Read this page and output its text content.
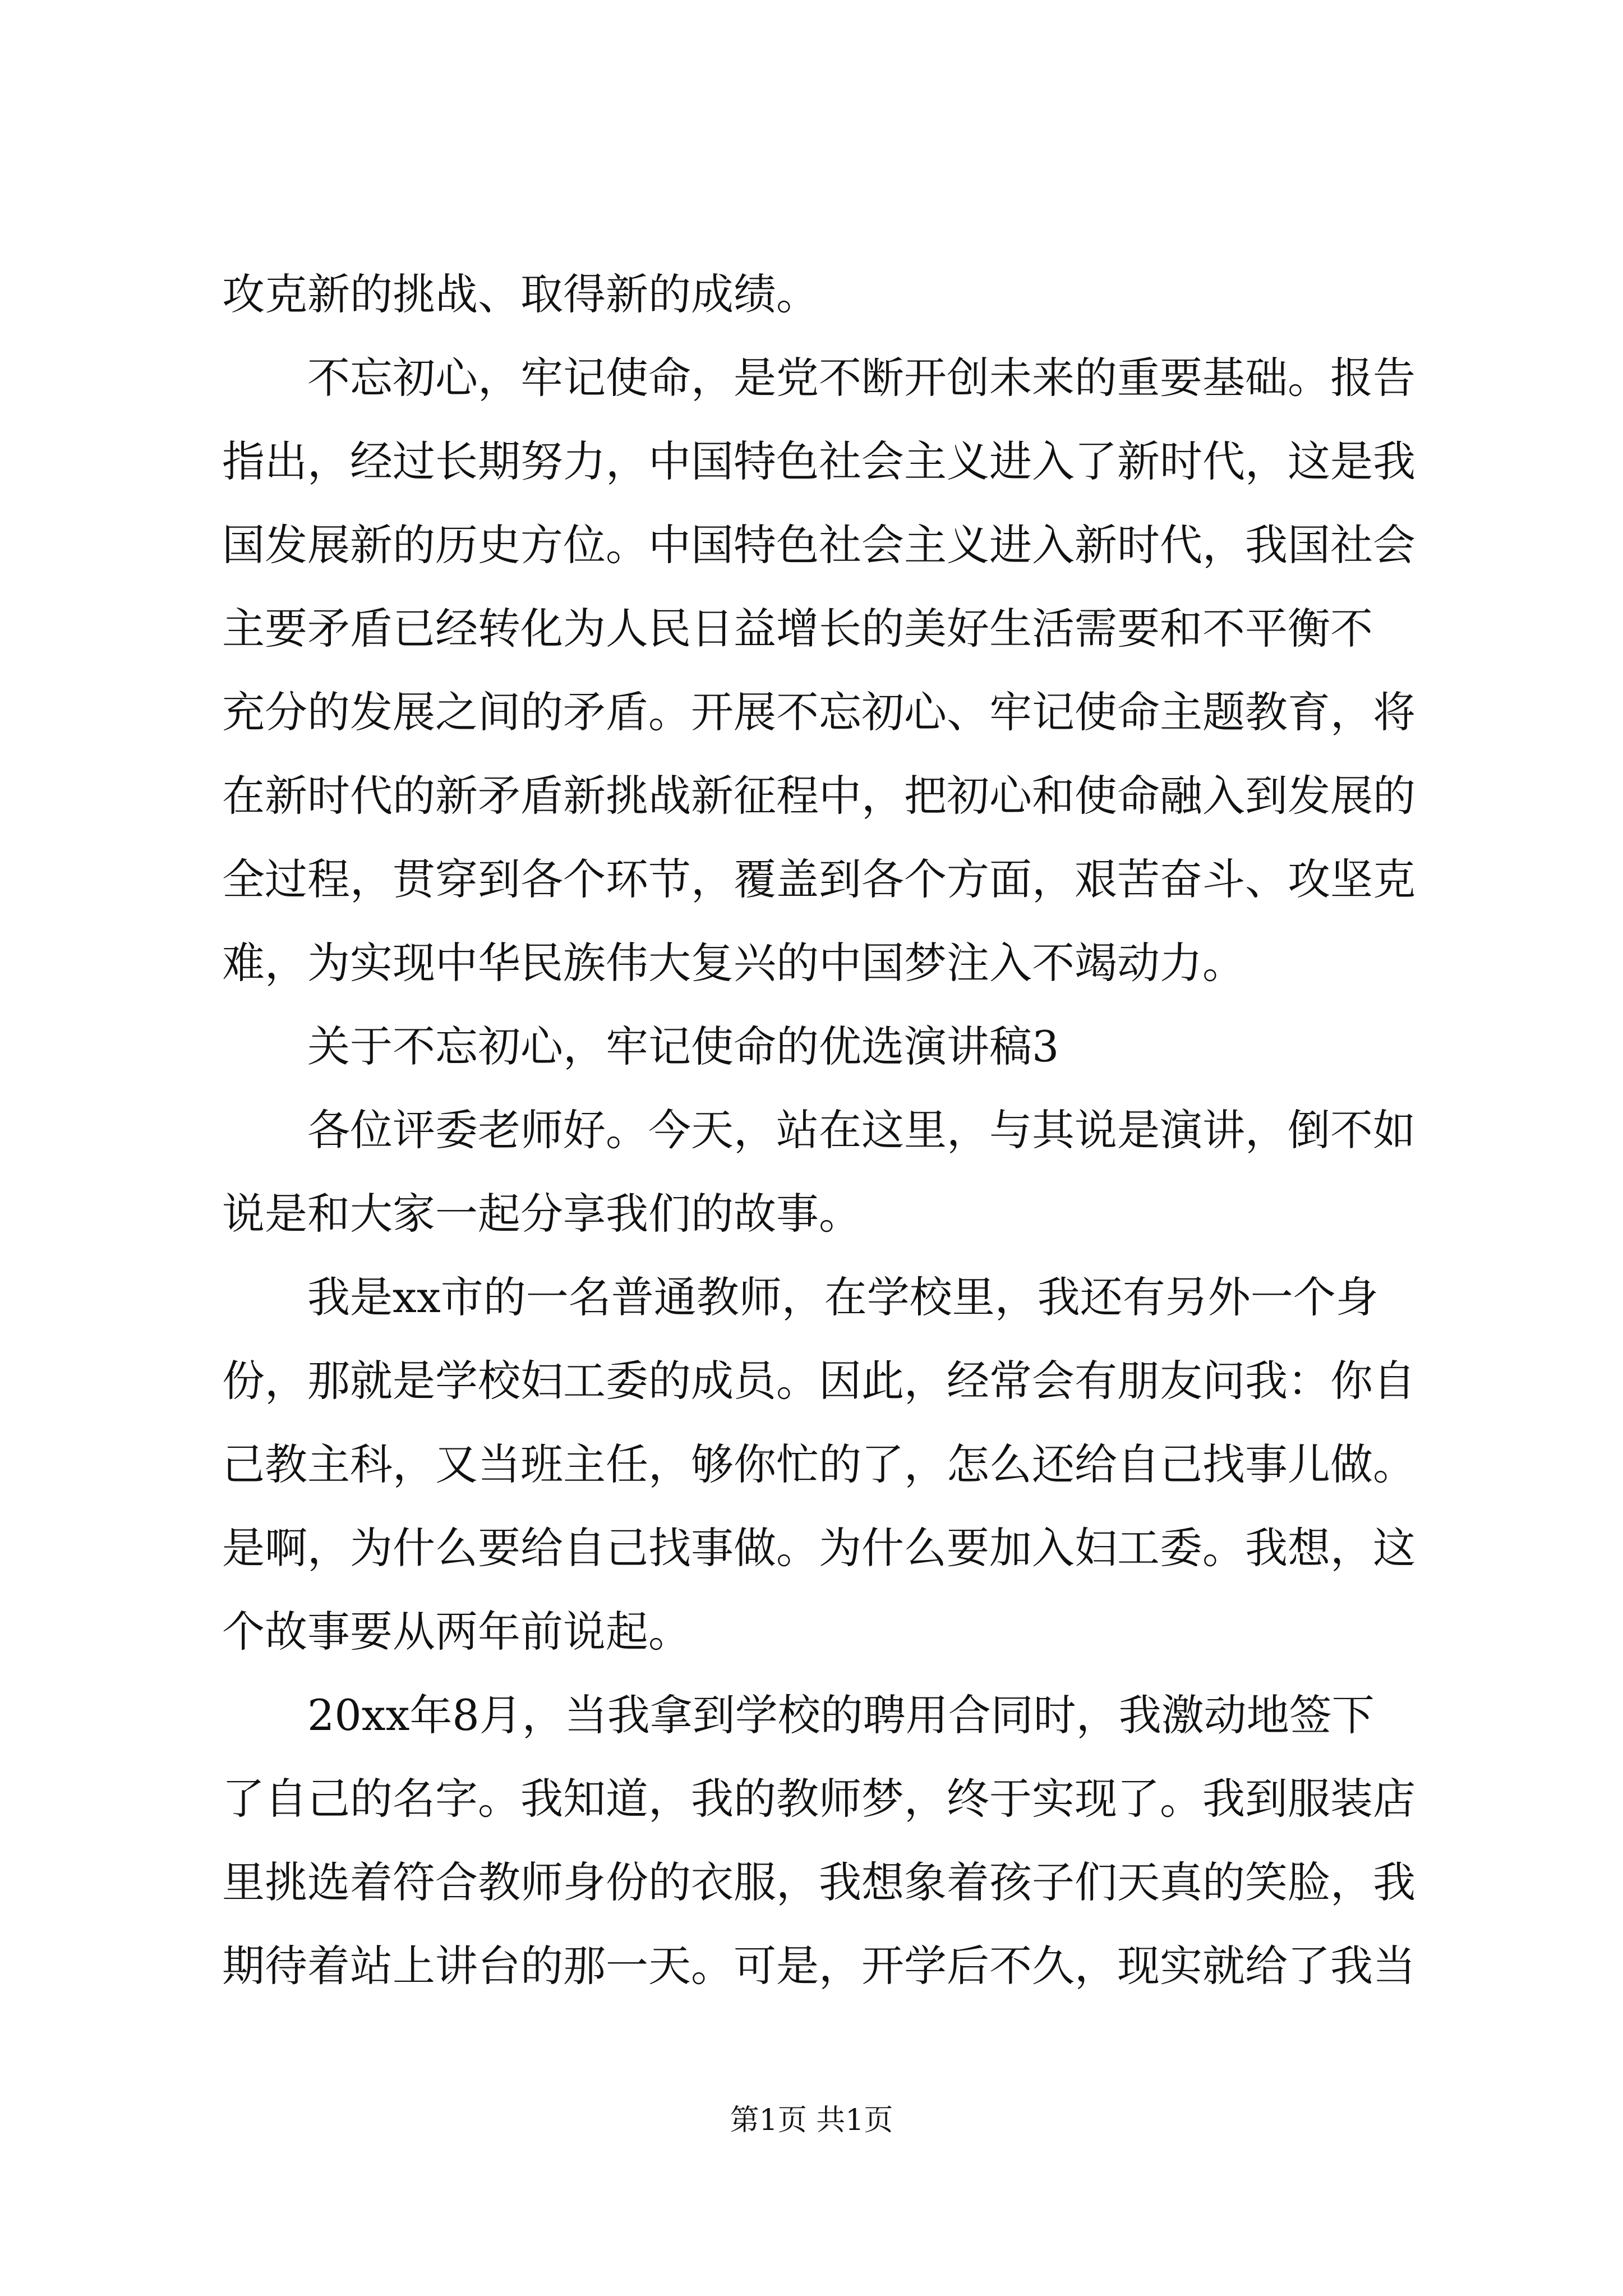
攻克新的挑战、取得新的成绩。
不忘初心，牢记使命，是党不断开创未来的重要基础。报告
指出，经过长期努力，中国特色社会主义进入了新时代，这是我
国发展新的历史方位。中国特色社会主义进入新时代，我国社会
主要矛盾已经转化为人民日益增长的美好生活需要和不平衡不
充分的发展之间的矛盾。开展不忘初心、牢记使命主题教育，将
在新时代的新矛盾新挑战新征程中，把初心和使命融入到发展的
全过程，贯穿到各个环节，覆盖到各个方面，艰苦奋斗、攻坚克
难，为实现中华民族伟大复兴的中国梦注入不竭动力。
关于不忘初心，牢记使命的优选演讲稿3
各位评委老师好。今天，站在这里，与其说是演讲，倒不如
说是和大家一起分享我们的故事。
我是xx市的一名普通教师，在学校里，我还有另外一个身
份，那就是学校妇工委的成员。因此，经常会有朋友问我：你自
己教主科，又当班主任，够你忙的了，怎么还给自己找事儿做。
是啊，为什么要给自己找事做。为什么要加入妇工委。我想，这
个故事要从两年前说起。
20xx年8月，当我拿到学校的聘用合同时，我激动地签下
了自己的名字。我知道，我的教师梦，终于实现了。我到服装店
里挑选着符合教师身份的衣服，我想象着孩子们天真的笑脸，我
期待着站上讲台的那一天。可是，开学后不久，现实就给了我当
第1页 共1页
